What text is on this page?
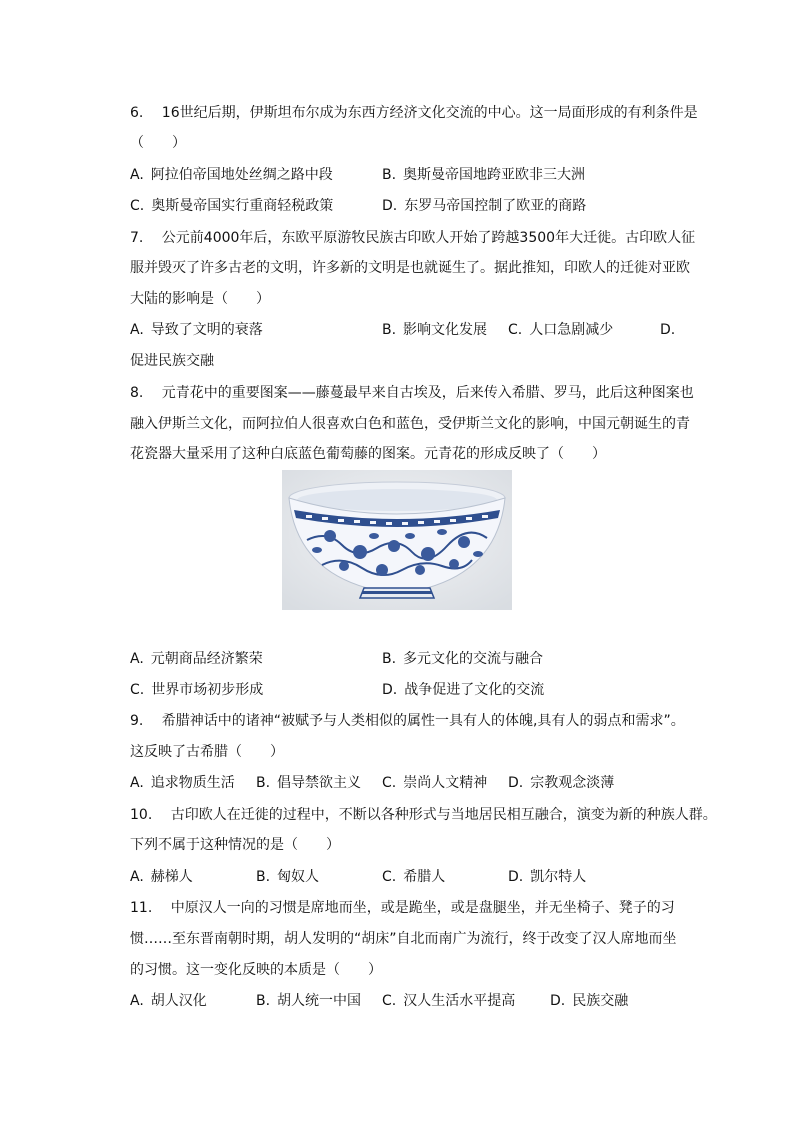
6.　 16世纪后期，伊斯坦布尔成为东西方经济文化交流的中心。这一局面形成的有利条件是
（　　）
A. 阿拉伯帝国地处丝绸之路中段	B. 奥斯曼帝国地跨亚欧非三大洲
C. 奥斯曼帝国实行重商轻税政策	D. 东罗马帝国控制了欧亚的商路
7.　 公元前4000年后，东欧平原游牧民族古印欧人开始了跨越3500年大迁徙。古印欧人征
服并毁灭了许多古老的文明，许多新的文明是也就诞生了。据此推知，印欧人的迁徙对亚欧
大陆的影响是（　　）
A. 导致了文明的衰落	B. 影响文化发展 C. 人口急剧减少	D.
促进民族交融
8.　 元青花中的重要图案——藤蔓最早来自古埃及，后来传入希腊、罗马，此后这种图案也
融入伊斯兰文化，而阿拉伯人很喜欢白色和蓝色，受伊斯兰文化的影响，中国元朝诞生的青
花瓷器大量采用了这种白底蓝色葡萄藤的图案。元青花的形成反映了（　　）
A. 元朝商品经济繁荣	B. 多元文化的交流与融合
C. 世界市场初步形成	D. 战争促进了文化的交流
9.　 希腊神话中的诸神“被赋予与人类相似的属性一具有人的体魄,具有人的弱点和需求”。
这反映了古希腊（　　）
A. 追求物质生活 B. 倡导禁欲主义 C. 崇尚人文精神 D. 宗教观念淡薄
10.　 古印欧人在迁徙的过程中，不断以各种形式与当地居民相互融合，演变为新的种族人群。
下列不属于这种情况的是（　　）
A. 赫梯人	B. 匈奴人	C. 希腊人	D. 凯尔特人
11.　 中原汉人一向的习惯是席地而坐，或是跪坐，或是盘腿坐，并无坐椅子、凳子的习
惯……至东晋南朝时期，胡人发明的“胡床”自北而南广为流行，终于改变了汉人席地而坐
的习惯。这一变化反映的本质是（　　）
A. 胡人汉化	B. 胡人统一中国 C. 汉人生活水平提高 D. 民族交融
